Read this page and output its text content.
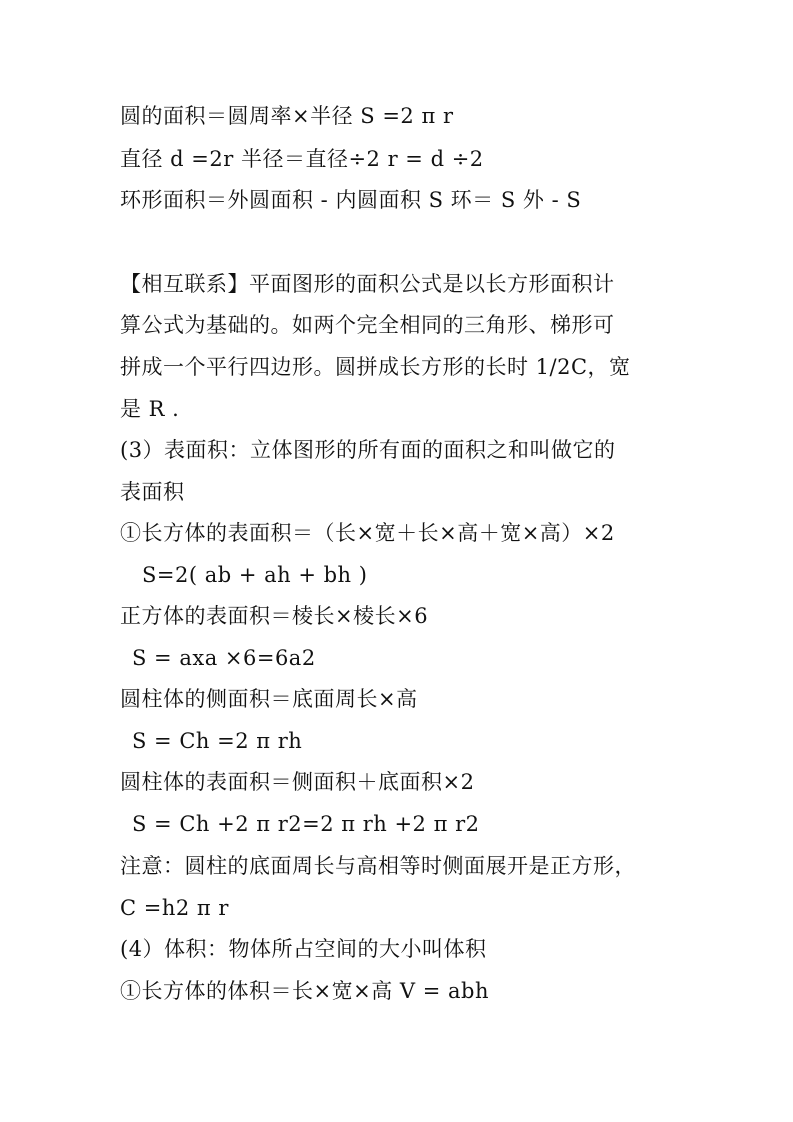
圆的面积＝圆周率×半径 S =2 π r
直径 d =2r 半径＝直径÷2 r = d ÷2
环形面积＝外圆面积 - 内圆面积 S 环＝ S 外 - S
【相互联系】平面图形的面积公式是以长方形面积计
算公式为基础的。如两个完全相同的三角形、梯形可
拼成一个平行四边形。圆拼成长方形的长时 1/2C，宽
是 R .
(3）表面积：立体图形的所有面的面积之和叫做它的
表面积
①长方体的表面积＝（长×宽＋长×高＋宽×高）×2
S=2( ab + ah + bh )
正方体的表面积＝棱长×棱长×6
S = axa ×6=6a2
圆柱体的侧面积＝底面周长×高
S = Ch =2 π rh
圆柱体的表面积＝侧面积＋底面积×2
S = Ch +2 π r2=2 π rh +2 π r2
注意：圆柱的底面周长与高相等时侧面展开是正方形，
C =h2 π r
(4）体积：物体所占空间的大小叫体积
①长方体的体积＝长×宽×高 V = abh
